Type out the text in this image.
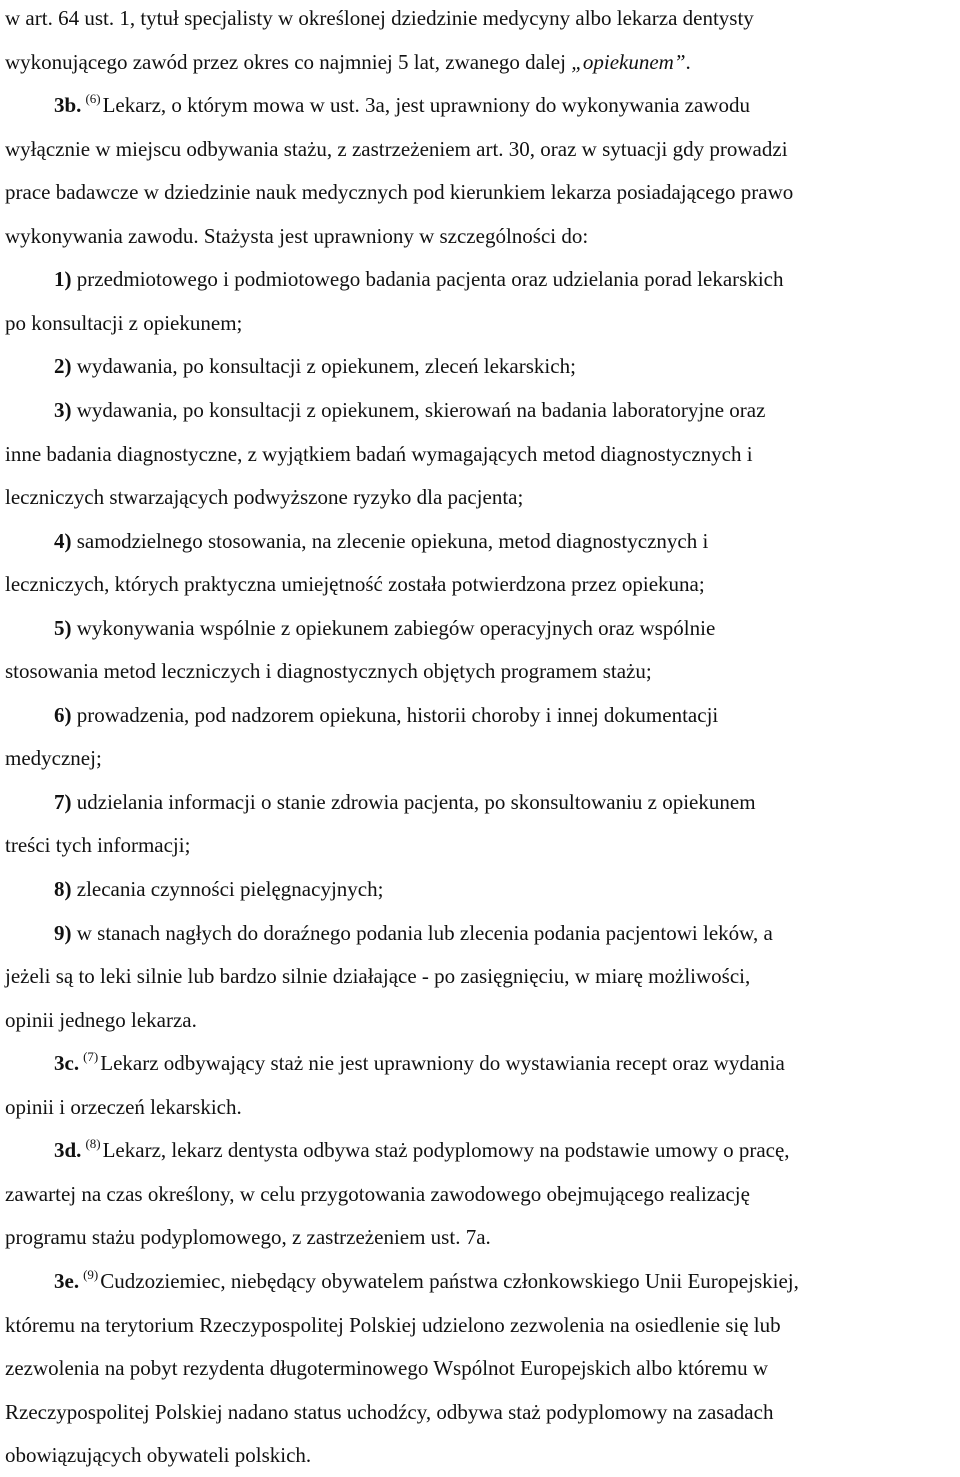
w art. 64 ust. 1, tytuł specjalisty w określonej dziedzinie medycyny albo lekarza dentysty
wykonującego zawód przez okres co najmniej 5 lat, zwanego dalej „opiekunem”.
3b. $^{(6)}$Lekarz, o którym mowa w ust. 3a, jest uprawniony do wykonywania zawodu
wyłącznie w miejscu odbywania stażu, z zastrzeżeniem art. 30, oraz w sytuacji gdy prowadzi
prace badawcze w dziedzinie nauk medycznych pod kierunkiem lekarza posiadającego prawo
wykonywania zawodu. Stażysta jest uprawniony w szczególności do:
1) przedmiotowego i podmiotowego badania pacjenta oraz udzielania porad lekarskich
po konsultacji z opiekunem;
2) wydawania, po konsultacji z opiekunem, zleceń lekarskich;
3) wydawania, po konsultacji z opiekunem, skierowań na badania laboratoryjne oraz
inne badania diagnostyczne, z wyjątkiem badań wymagających metod diagnostycznych i
leczniczych stwarzających podwyższone ryzyko dla pacjenta;
4) samodzielnego stosowania, na zlecenie opiekuna, metod diagnostycznych i
leczniczych, których praktyczna umiejętność została potwierdzona przez opiekuna;
5) wykonywania wspólnie z opiekunem zabiegów operacyjnych oraz wspólnie
stosowania metod leczniczych i diagnostycznych objętych programem stażu;
6) prowadzenia, pod nadzorem opiekuna, historii choroby i innej dokumentacji
medycznej;
7) udzielania informacji o stanie zdrowia pacjenta, po skonsultowaniu z opiekunem
treści tych informacji;
8) zlecania czynności pielęgnacyjnych;
9) w stanach nagłych do doraźnego podania lub zlecenia podania pacjentowi leków, a
jeżeli są to leki silnie lub bardzo silnie działające - po zasięgnięciu, w miarę możliwości,
opinii jednego lekarza.
3c. $^{(7)}$Lekarz odbywający staż nie jest uprawniony do wystawiania recept oraz wydania
opinii i orzeczeń lekarskich.
3d. $^{(8)}$Lekarz, lekarz dentysta odbywa staż podyplomowy na podstawie umowy o pracę,
zawartej na czas określony, w celu przygotowania zawodowego obejmującego realizację
programu stażu podyplomowego, z zastrzeżeniem ust. 7a.
3e. $^{(9)}$Cudzoziemiec, niebędący obywatelem państwa członkowskiego Unii Europejskiej,
któremu na terytorium Rzeczypospolitej Polskiej udzielono zezwolenia na osiedlenie się lub
zezwolenia na pobyt rezydenta długoterminowego Wspólnot Europejskich albo któremu w
Rzeczypospolitej Polskiej nadano status uchodźcy, odbywa staż podyplomowy na zasadach
obowiązujących obywateli polskich.
